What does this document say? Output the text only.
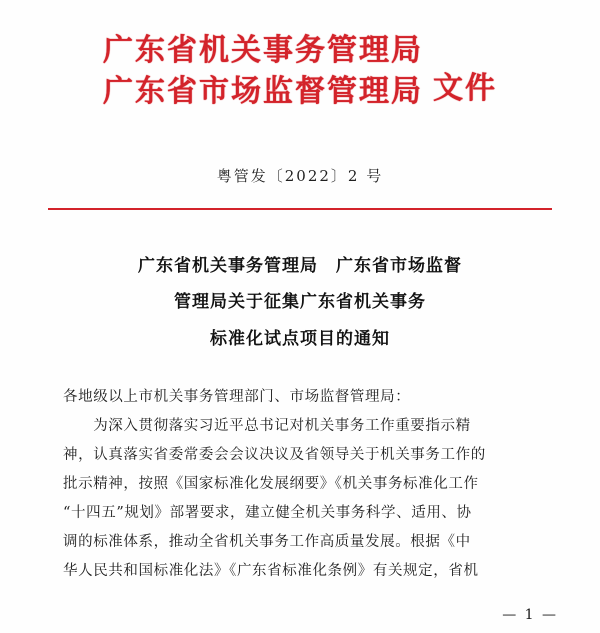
广东省机关事务管理局
广东省市场监督管理局 文件
粤管发〔2022〕2 号
广东省机关事务管理局　广东省市场监督
管理局关于征集广东省机关事务
标准化试点项目的通知
各地级以上市机关事务管理部门、市场监督管理局：
　　为深入贯彻落实习近平总书记对机关事务工作重要指示精
神，认真落实省委常委会会议决议及省领导关于机关事务工作的
批示精神，按照《国家标准化发展纲要》《机关事务标准化工作
“十四五”规划》部署要求，建立健全机关事务科学、适用、协
调的标准体系，推动全省机关事务工作高质量发展。根据《中
华人民共和国标准化法》《广东省标准化条例》有关规定，省机
— 1 —
